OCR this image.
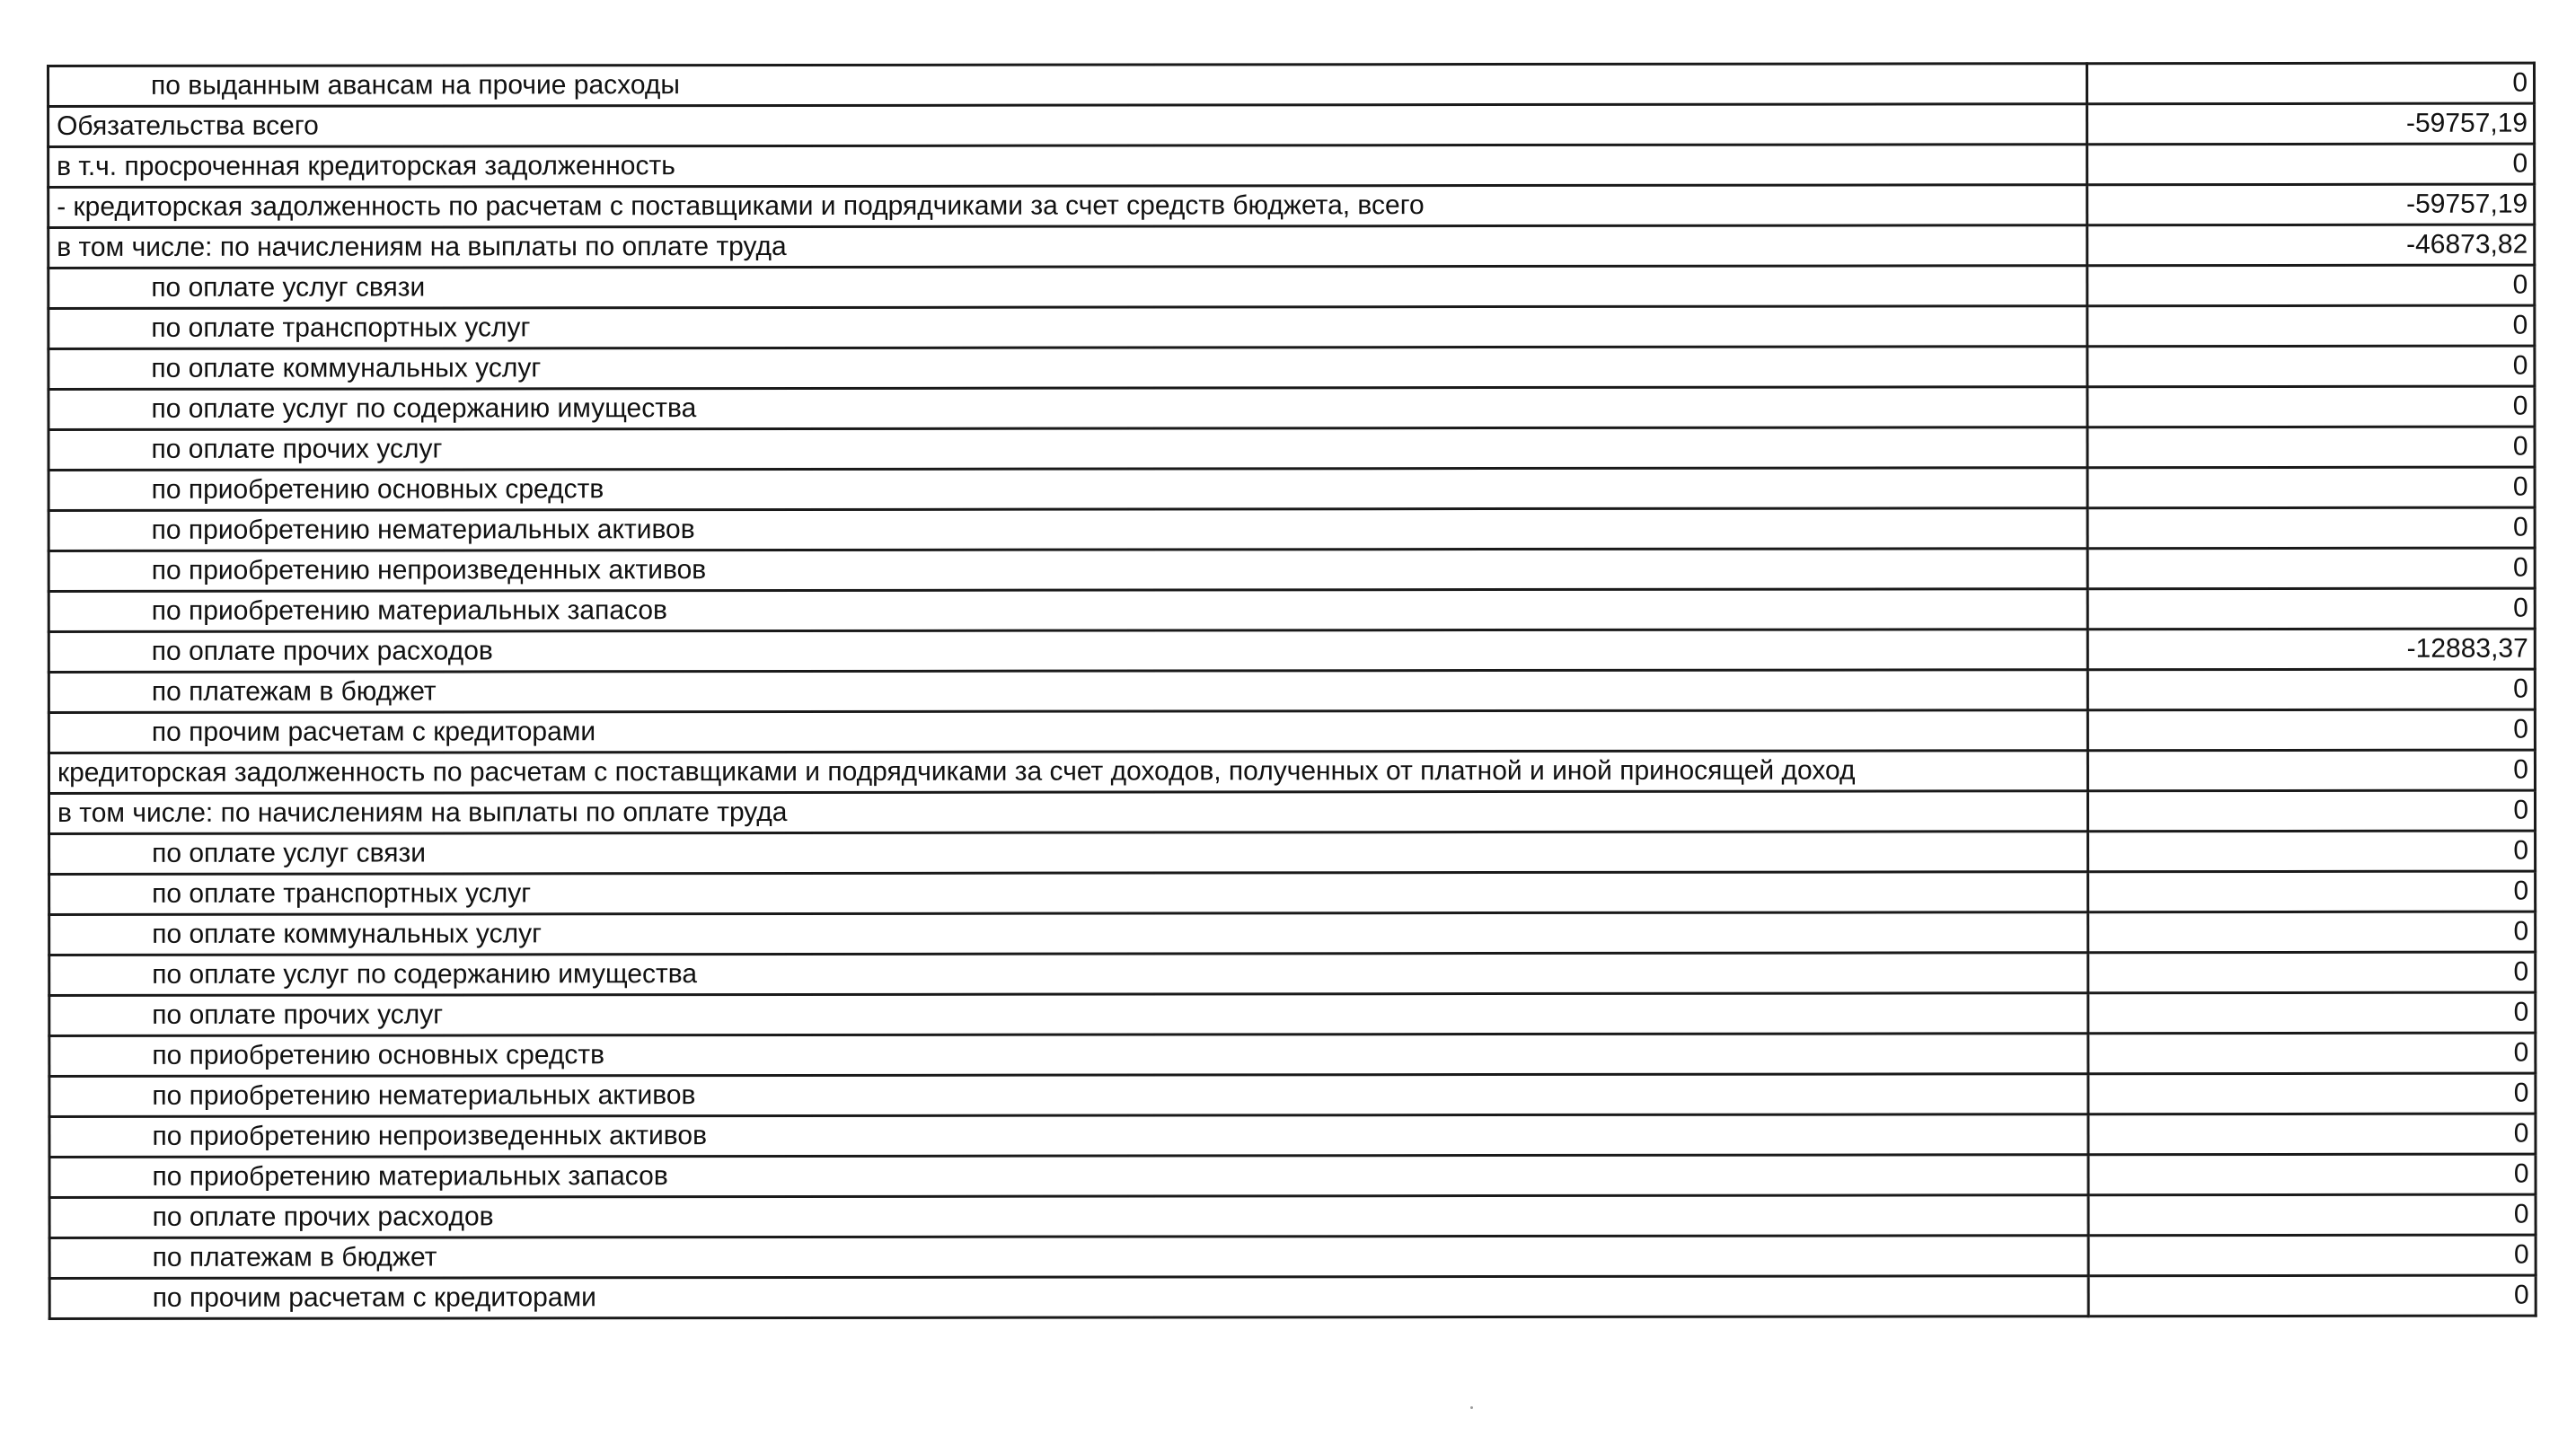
по выданным авансам на прочие расходы	0
Обязательства всего	-59757,19
в т.ч. просроченная кредиторская задолженность	0
- кредиторская задолженность по расчетам с поставщиками и подрядчиками за счет средств бюджета, всего	-59757,19
в том числе: по начислениям на выплаты по оплате труда	-46873,82
по оплате услуг связи	0
по оплате транспортных услуг	0
по оплате коммунальных услуг	0
по оплате услуг по содержанию имущества	0
по оплате прочих услуг	0
по приобретению основных средств	0
по приобретению нематериальных активов	0
по приобретению непроизведенных активов	0
по приобретению материальных запасов	0
по оплате прочих расходов	-12883,37
по платежам в бюджет	0
по прочим расчетам с кредиторами	0
кредиторская задолженность по расчетам с поставщиками и подрядчиками за счет доходов, полученных от платной и иной приносящей доход	0
в том числе: по начислениям на выплаты по оплате труда	0
по оплате услуг связи	0
по оплате транспортных услуг	0
по оплате коммунальных услуг	0
по оплате услуг по содержанию имущества	0
по оплате прочих услуг	0
по приобретению основных средств	0
по приобретению нематериальных активов	0
по приобретению непроизведенных активов	0
по приобретению материальных запасов	0
по оплате прочих расходов	0
по платежам в бюджет	0
по прочим расчетам с кредиторами	0
